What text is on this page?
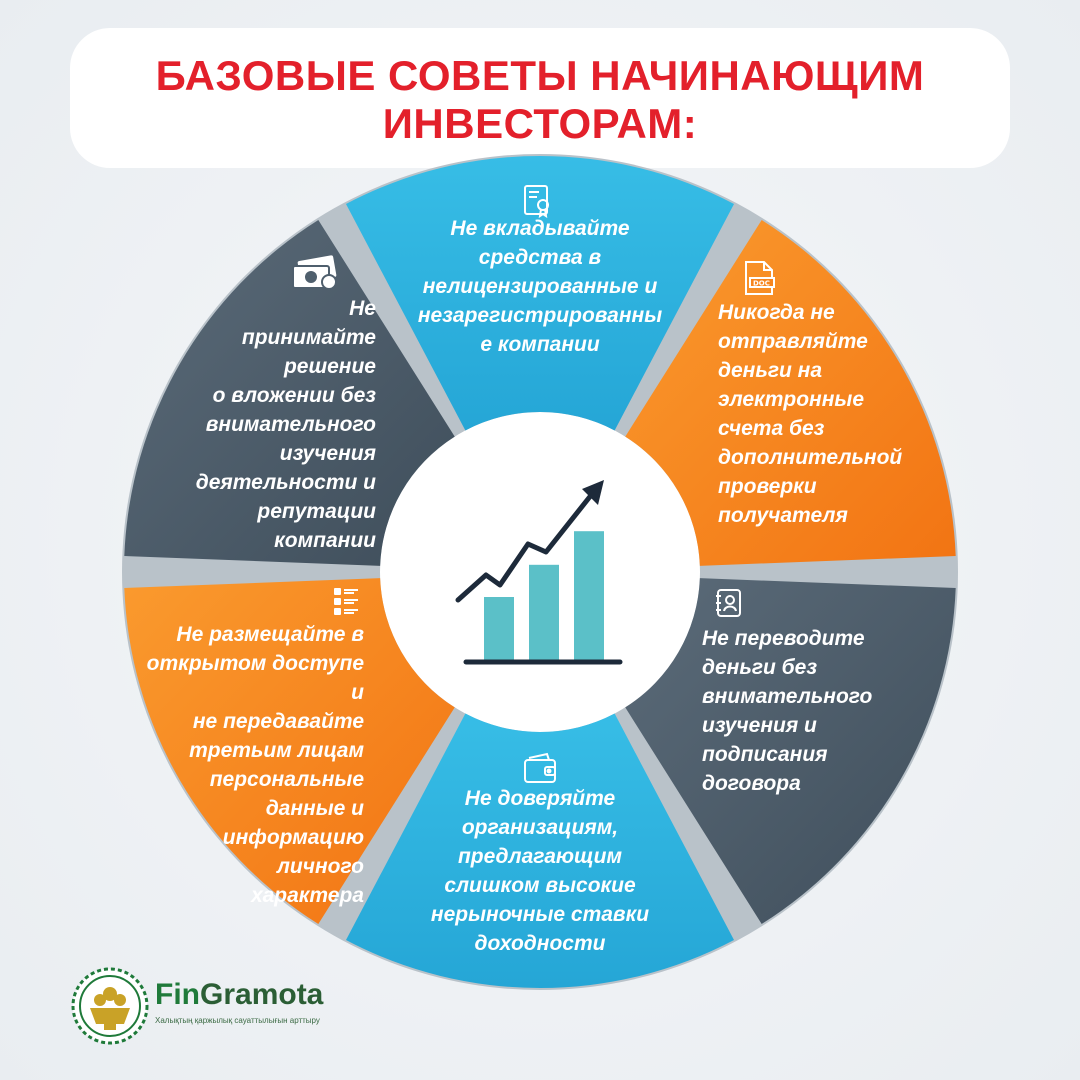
БАЗОВЫЕ СОВЕТЫ НАЧИНАЮЩИМ
ИНВЕСТОРАМ:
DOC
Не вкладывайте
средства в
нелицензированные и
незарегистрированны
е компании
Никогда не
отправляйте
деньги на
электронные
счета без
дополнительной
проверки
получателя
Не переводите
деньги без
внимательного
изучения и
подписания
договора
Не доверяйте
организациям,
предлагающим
слишком высокие
нерыночные ставки
доходности
Не размещайте в
открытом доступе и
не передавайте
третьим лицам
персональные
данные и
информацию
личного
характера
Не
принимайте
решение
о вложении без
внимательного
изучения
деятельности и
репутации компании
FinGramota
Халықтың қаржылық сауаттылығын арттыру
